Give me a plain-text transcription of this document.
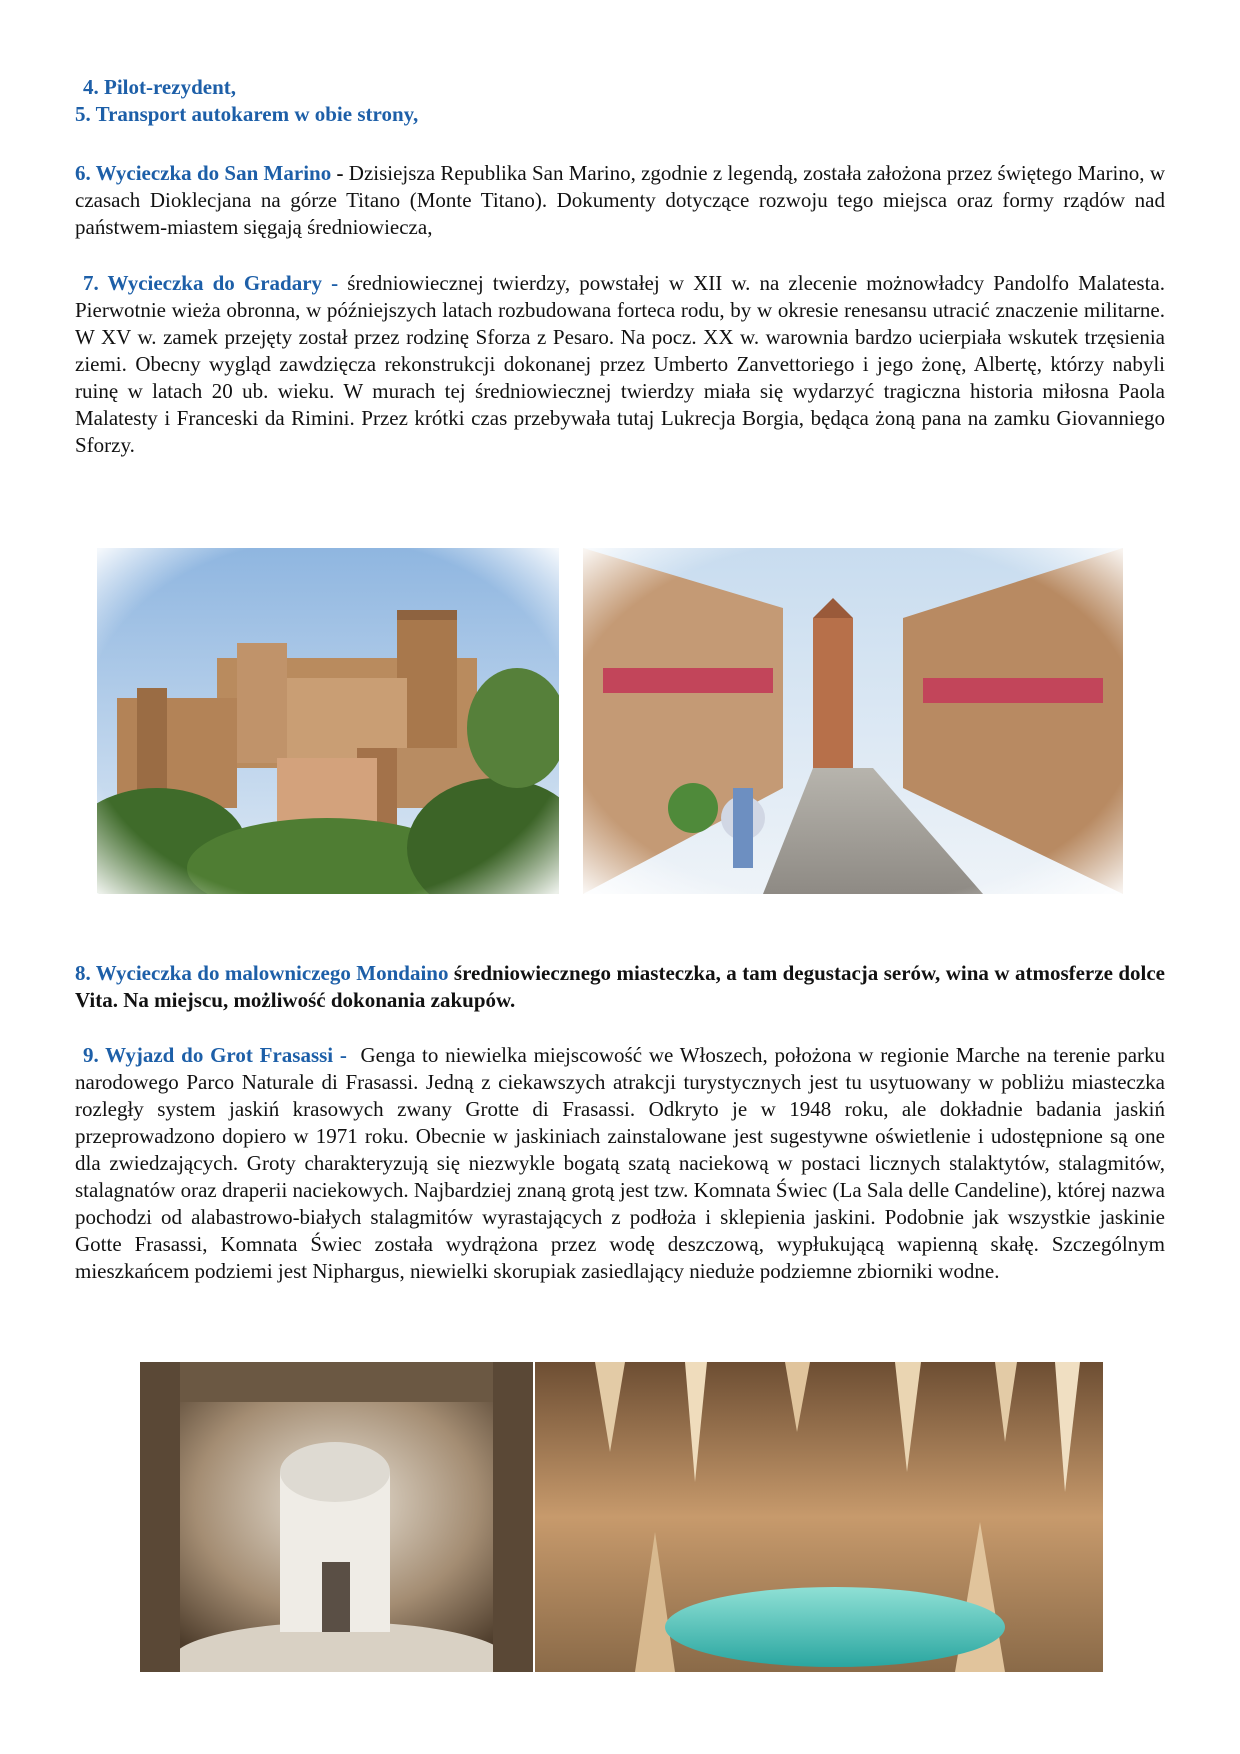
4. Pilot-rezydent,
5. Transport autokarem w obie strony,
6. Wycieczka do San Marino - Dzisiejsza Republika San Marino, zgodnie z legendą, została założona przez świętego Marino, w czasach Dioklecjana na górze Titano (Monte Titano). Dokumenty dotyczące rozwoju tego miejsca oraz formy rządów nad państwem-miastem sięgają średniowiecza,
7. Wycieczka do Gradary - średniowiecznej twierdzy, powstałej w XII w. na zlecenie możnowładcy Pandolfo Malatesta. Pierwotnie wieża obronna, w późniejszych latach rozbudowana forteca rodu, by w okresie renesansu utracić znaczenie militarne. W XV w. zamek przejęty został przez rodzinę Sforza z Pesaro. Na pocz. XX w. warownia bardzo ucierpiała wskutek trzęsienia ziemi. Obecny wygląd zawdzięcza rekonstrukcji dokonanej przez Umberto Zanvettoriego i jego żonę, Albertę, którzy nabyli ruinę w latach 20 ub. wieku. W murach tej średniowiecznej twierdzy miała się wydarzyć tragiczna historia miłosna Paola Malatesty i Franceski da Rimini. Przez krótki czas przebywała tutaj Lukrecja Borgia, będąca żoną pana na zamku Giovanniego Sforzy.
8. Wycieczka do malowniczego Mondaino średniowiecznego miasteczka, a tam degustacja serów, wina w atmosferze dolce Vita. Na miejscu, możliwość dokonania zakupów.
9. Wyjazd do Grot Frasassi - Genga to niewielka miejscowość we Włoszech, położona w regionie Marche na terenie parku narodowego Parco Naturale di Frasassi. Jedną z ciekawszych atrakcji turystycznych jest tu usytuowany w pobliżu miasteczka rozległy system jaskiń krasowych zwany Grotte di Frasassi. Odkryto je w 1948 roku, ale dokładnie badania jaskiń przeprowadzono dopiero w 1971 roku. Obecnie w jaskiniach zainstalowane jest sugestywne oświetlenie i udostępnione są one dla zwiedzających. Groty charakteryzują się niezwykle bogatą szatą naciekową w postaci licznych stalaktytów, stalagmitów, stalagnatów oraz draperii naciekowych. Najbardziej znaną grotą jest tzw. Komnata Świec (La Sala delle Candeline), której nazwa pochodzi od alabastrowo-białych stalagmitów wyrastających z podłoża i sklepienia jaskini. Podobnie jak wszystkie jaskinie Gotte Frasassi, Komnata Świec została wydrążona przez wodę deszczową, wypłukującą wapienną skałę. Szczególnym mieszkańcem podziemi jest Niphargus, niewielki skorupiak zasiedlający nieduże podziemne zbiorniki wodne.
